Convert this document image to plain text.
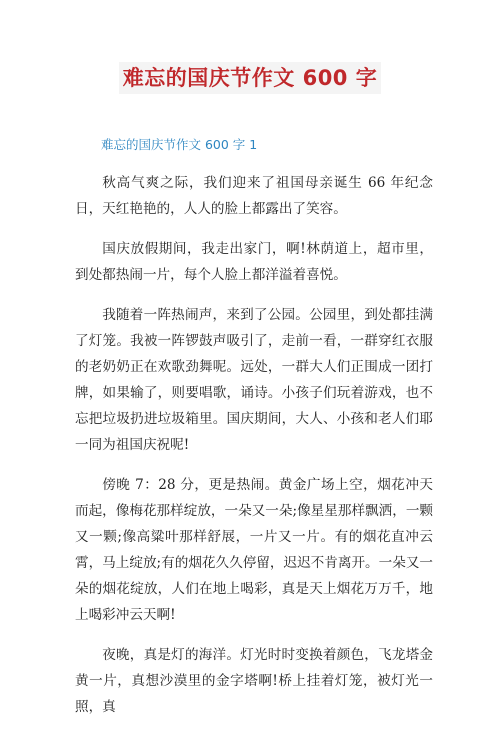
难忘的国庆节作文 600 字
难忘的国庆节作文 600 字 1

秋高气爽之际，我们迎来了祖国母亲诞生 66 年纪念日，天红艳艳的，人人的脸上都露出了笑容。

国庆放假期间，我走出家门，啊!林荫道上，超市里，到处都热闹一片，每个人脸上都洋溢着喜悦。

我随着一阵热闹声，来到了公园。公园里，到处都挂满了灯笼。我被一阵锣鼓声吸引了，走前一看，一群穿红衣服的老奶奶正在欢歌劲舞呢。远处，一群大人们正围成一团打牌，如果输了，则要唱歌，诵诗。小孩子们玩着游戏，也不忘把垃圾扔进垃圾箱里。国庆期间，大人、小孩和老人们耶一同为祖国庆祝呢!

傍晚 7：28 分，更是热闹。黄金广场上空，烟花冲天而起，像梅花那样绽放，一朵又一朵;像星星那样飘洒，一颗又一颗;像高粱叶那样舒展，一片又一片。有的烟花直冲云霄，马上绽放;有的烟花久久停留，迟迟不肯离开。一朵又一朵的烟花绽放，人们在地上喝彩，真是天上烟花万万千，地上喝彩冲云天啊!

夜晚，真是灯的海洋。灯光时时变换着颜色，飞龙塔金黄一片，真想沙漠里的金字塔啊!桥上挂着灯笼，被灯光一照，真
